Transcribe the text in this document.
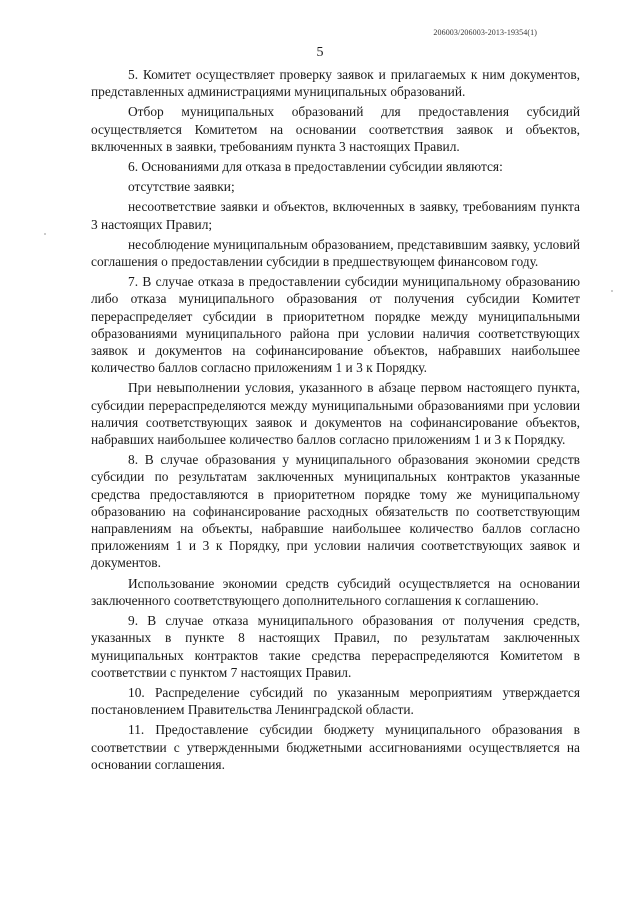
206003/206003-2013-19354(1)
5

5. Комитет осуществляет проверку заявок и прилагаемых к ним документов, представленных администрациями муниципальных образований.

Отбор муниципальных образований для предоставления субсидий осуществляется Комитетом на основании соответствия заявок и объектов, включенных в заявки, требованиям пункта 3 настоящих Правил.

6. Основаниями для отказа в предоставлении субсидии являются:

отсутствие заявки;

несоответствие заявки и объектов, включенных в заявку, требованиям пункта 3 настоящих Правил;

несоблюдение муниципальным образованием, представившим заявку, условий соглашения о предоставлении субсидии в предшествующем финансовом году.

7. В случае отказа в предоставлении субсидии муниципальному образованию либо отказа муниципального образования от получения субсидии Комитет перераспределяет субсидии в приоритетном порядке между муниципальными образованиями муниципального района при условии наличия соответствующих заявок и документов на софинансирование объектов, набравших наибольшее количество баллов согласно приложениям 1 и 3 к Порядку.

При невыполнении условия, указанного в абзаце первом настоящего пункта, субсидии перераспределяются между муниципальными образованиями при условии наличия соответствующих заявок и документов на софинансирование объектов, набравших наибольшее количество баллов согласно приложениям 1 и 3 к Порядку.

8. В случае образования у муниципального образования экономии средств субсидии по результатам заключенных муниципальных контрактов указанные средства предоставляются в приоритетном порядке тому же муниципальному образованию на софинансирование расходных обязательств по соответствующим направлениям на объекты, набравшие наибольшее количество баллов согласно приложениям 1 и 3 к Порядку, при условии наличия соответствующих заявок и документов.

Использование экономии средств субсидий осуществляется на основании заключенного соответствующего дополнительного соглашения к соглашению.

9. В случае отказа муниципального образования от получения средств, указанных в пункте 8 настоящих Правил, по результатам заключенных муниципальных контрактов такие средства перераспределяются Комитетом в соответствии с пунктом 7 настоящих Правил.

10. Распределение субсидий по указанным мероприятиям утверждается постановлением Правительства Ленинградской области.

11. Предоставление субсидии бюджету муниципального образования в соответствии с утвержденными бюджетными ассигнованиями осуществляется на основании соглашения.
